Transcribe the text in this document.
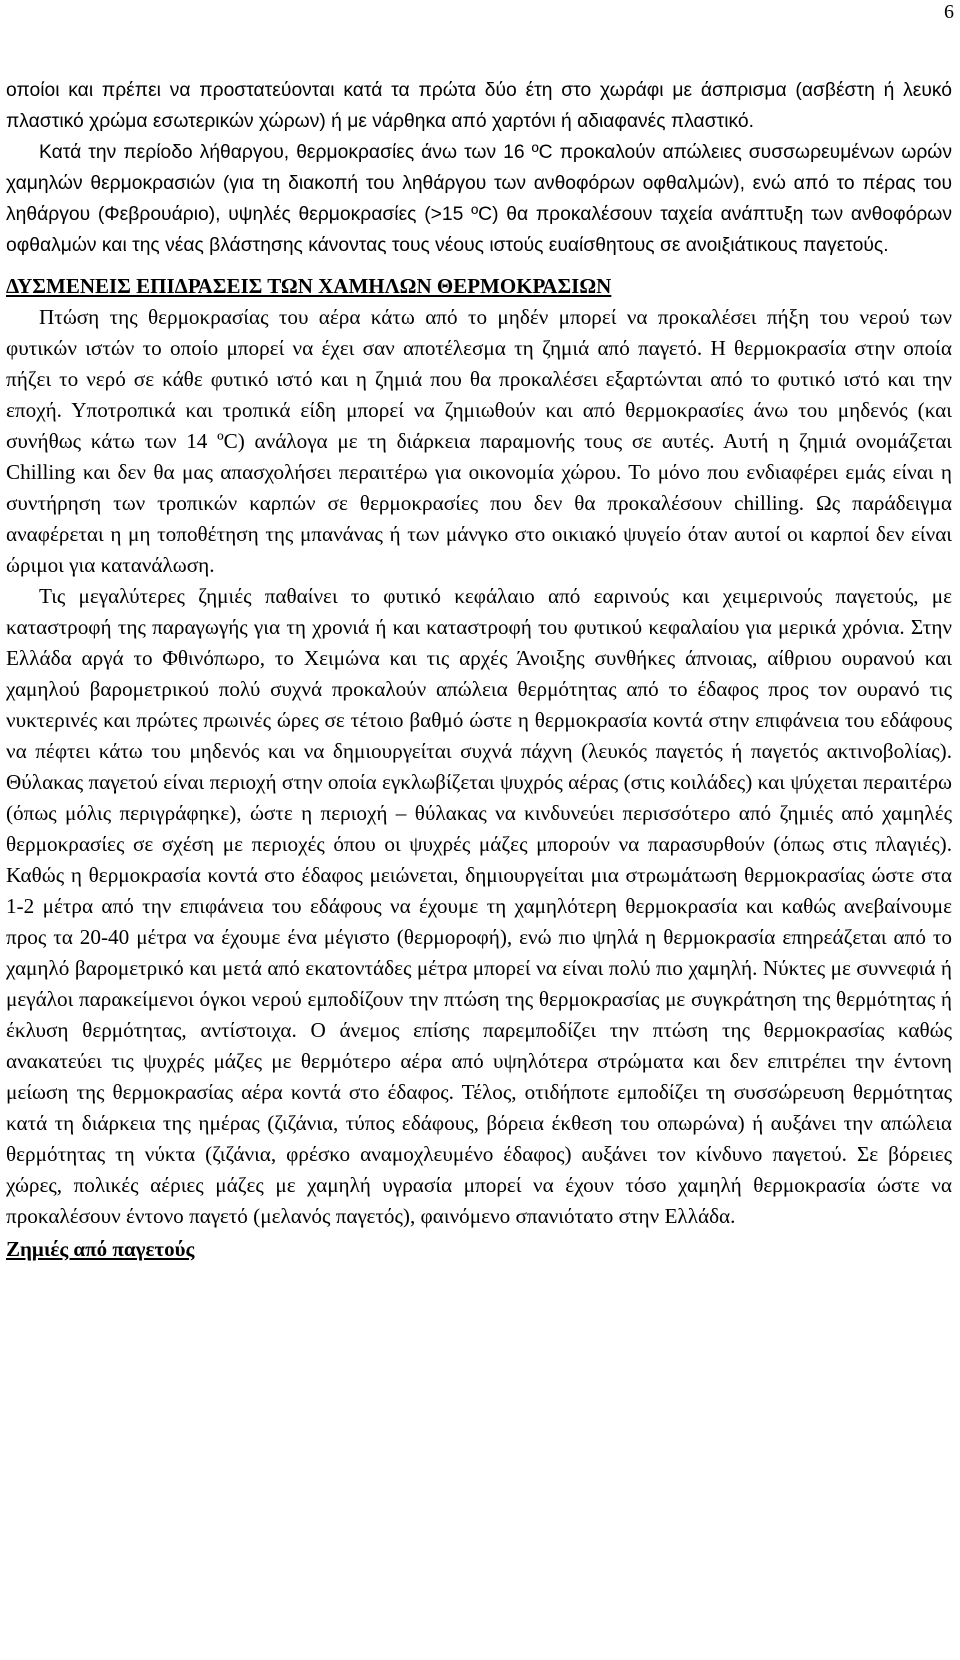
6

οποίοι και πρέπει να προστατεύονται κατά τα πρώτα δύο έτη στο χωράφι με άσπρισμα (ασβέστη ή λευκό πλαστικό χρώμα εσωτερικών χώρων) ή με νάρθηκα από χαρτόνι ή αδιαφανές πλαστικό.

Κατά την περίοδο λήθαργου, θερμοκρασίες άνω των 16 ºC προκαλούν απώλειες συσσωρευμένων ωρών χαμηλών θερμοκρασιών (για τη διακοπή του ληθάργου των ανθοφόρων οφθαλμών), ενώ από το πέρας του ληθάργου (Φεβρουάριο), υψηλές θερμοκρασίες (>15 ºC) θα προκαλέσουν ταχεία ανάπτυξη των ανθοφόρων οφθαλμών και της νέας βλάστησης κάνοντας τους νέους ιστούς ευαίσθητους σε ανοιξιάτικους παγετούς.

ΔΥΣΜΕΝΕΙΣ ΕΠΙΔΡΑΣΕΙΣ ΤΩΝ ΧΑΜΗΛΩΝ ΘΕΡΜΟΚΡΑΣΙΩΝ

Πτώση της θερμοκρασίας του αέρα κάτω από το μηδέν μπορεί να προκαλέσει πήξη του νερού των φυτικών ιστών το οποίο μπορεί να έχει σαν αποτέλεσμα τη ζημιά από παγετό. Η θερμοκρασία στην οποία πήζει το νερό σε κάθε φυτικό ιστό και η ζημιά που θα προκαλέσει εξαρτώνται από το φυτικό ιστό και την εποχή. Υποτροπικά και τροπικά είδη μπορεί να ζημιωθούν και από θερμοκρασίες άνω του μηδενός (και συνήθως κάτω των 14 ºC) ανάλογα με τη διάρκεια παραμονής τους σε αυτές. Αυτή η ζημιά ονομάζεται Chilling και δεν θα μας απασχολήσει περαιτέρω για οικονομία χώρου. Το μόνο που ενδιαφέρει εμάς είναι η συντήρηση των τροπικών καρπών σε θερμοκρασίες που δεν θα προκαλέσουν chilling. Ως παράδειγμα αναφέρεται η μη τοποθέτηση της μπανάνας ή των μάνγκο στο οικιακό ψυγείο όταν αυτοί οι καρποί δεν είναι ώριμοι για κατανάλωση.

Τις μεγαλύτερες ζημιές παθαίνει το φυτικό κεφάλαιο από εαρινούς και χειμερινούς παγετούς, με καταστροφή της παραγωγής για τη χρονιά ή και καταστροφή του φυτικού κεφαλαίου για μερικά χρόνια. Στην Ελλάδα αργά το Φθινόπωρο, το Χειμώνα και τις αρχές Άνοιξης συνθήκες άπνοιας, αίθριου ουρανού και χαμηλού βαρομετρικού πολύ συχνά προκαλούν απώλεια θερμότητας από το έδαφος προς τον ουρανό τις νυκτερινές και πρώτες πρωινές ώρες σε τέτοιο βαθμό ώστε η θερμοκρασία κοντά στην επιφάνεια του εδάφους να πέφτει κάτω του μηδενός και να δημιουργείται συχνά πάχνη (λευκός παγετός ή παγετός ακτινοβολίας). Θύλακας παγετού είναι περιοχή στην οποία εγκλωβίζεται ψυχρός αέρας (στις κοιλάδες) και ψύχεται περαιτέρω (όπως μόλις περιγράφηκε), ώστε η περιοχή – θύλακας να κινδυνεύει περισσότερο από ζημιές από χαμηλές θερμοκρασίες σε σχέση με περιοχές όπου οι ψυχρές μάζες μπορούν να παρασυρθούν (όπως στις πλαγιές). Καθώς η θερμοκρασία κοντά στο έδαφος μειώνεται, δημιουργείται μια στρωμάτωση θερμοκρασίας ώστε στα 1-2 μέτρα από την επιφάνεια του εδάφους να έχουμε τη χαμηλότερη θερμοκρασία και καθώς ανεβαίνουμε προς τα 20-40 μέτρα να έχουμε ένα μέγιστο (θερμοροφή), ενώ πιο ψηλά η θερμοκρασία επηρεάζεται από το χαμηλό βαρομετρικό και μετά από εκατοντάδες μέτρα μπορεί να είναι πολύ πιο χαμηλή. Νύκτες με συννεφιά ή μεγάλοι παρακείμενοι όγκοι νερού εμποδίζουν την πτώση της θερμοκρασίας με συγκράτηση της θερμότητας ή έκλυση θερμότητας, αντίστοιχα. Ο άνεμος επίσης παρεμποδίζει την πτώση της θερμοκρασίας καθώς ανακατεύει τις ψυχρές μάζες με θερμότερο αέρα από υψηλότερα στρώματα και δεν επιτρέπει την έντονη μείωση της θερμοκρασίας αέρα κοντά στο έδαφος. Τέλος, οτιδήποτε εμποδίζει τη συσσώρευση θερμότητας κατά τη διάρκεια της ημέρας (ζιζάνια, τύπος εδάφους, βόρεια έκθεση του οπωρώνα) ή αυξάνει την απώλεια θερμότητας τη νύκτα (ζιζάνια, φρέσκο αναμοχλευμένο έδαφος) αυξάνει τον κίνδυνο παγετού. Σε βόρειες χώρες, πολικές αέριες μάζες με χαμηλή υγρασία μπορεί να έχουν τόσο χαμηλή θερμοκρασία ώστε να προκαλέσουν έντονο παγετό (μελανός παγετός), φαινόμενο σπανιότατο στην Ελλάδα.

Ζημιές από παγετούς
